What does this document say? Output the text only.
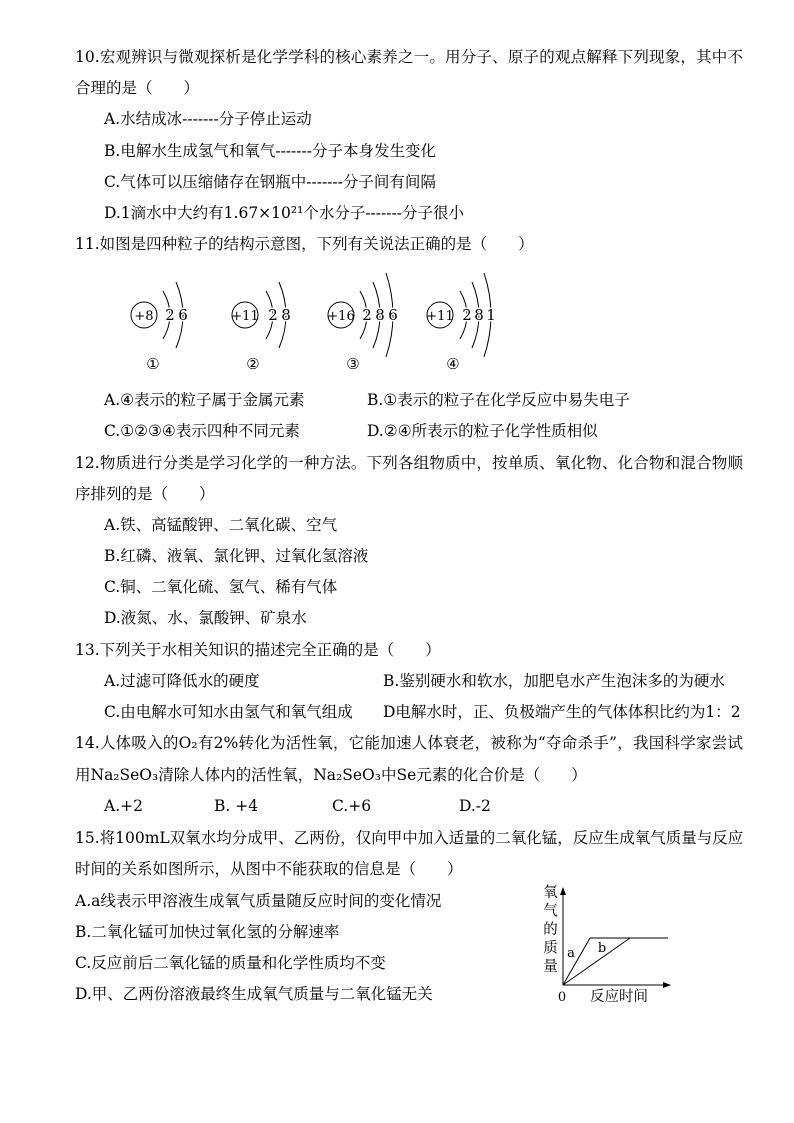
10.宏观辨识与微观探析是化学学科的核心素养之一。用分子、原子的观点解释下列现象，其中不
合理的是（　　）
A.水结成冰-------分子停止运动
B.电解水生成氢气和氧气-------分子本身发生变化
C.气体可以压缩储存在钢瓶中-------分子间有间隔
D.1滴水中大约有1.67×10²¹个水分子-------分子很小
11.如图是四种粒子的结构示意图，下列有关说法正确的是（　　）
+8 2 6
①
+11 2 8
②
+16 2 8 6
③
+11 2 8 1
④
A.④表示的粒子属于金属元素	B.①表示的粒子在化学反应中易失电子
C.①②③④表示四种不同元素	D.②④所表示的粒子化学性质相似
12.物质进行分类是学习化学的一种方法。下列各组物质中，按单质、氧化物、化合物和混合物顺
序排列的是（　　）
A.铁、高锰酸钾、二氧化碳、空气
B.红磷、液氧、氯化钾、过氧化氢溶液
C.铜、二氧化硫、氢气、稀有气体
D.液氮、水、氯酸钾、矿泉水
13.下列关于水相关知识的描述完全正确的是（　　）
A.过滤可降低水的硬度	B.鉴别硬水和软水，加肥皂水产生泡沫多的为硬水
C.由电解水可知水由氢气和氧气组成 D电解水时，正、负极端产生的气体体积比约为1：2
14.人体吸入的O₂有2%转化为活性氧，它能加速人体衰老，被称为“夺命杀手”，我国科学家尝试
用Na₂SeO₃清除人体内的活性氧，Na₂SeO₃中Se元素的化合价是（　　）
A.+2	B. +4	C.+6	D.-2
15.将100mL双氧水均分成甲、乙两份，仅向甲中加入适量的二氧化锰，反应生成氧气质量与反应
时间的关系如图所示，从图中不能获取的信息是（　　）
A.a线表示甲溶液生成氧气质量随反应时间的变化情况
B.二氧化锰可加快过氧化氢的分解速率
C.反应前后二氧化锰的质量和化学性质均不变
D.甲、乙两份溶液最终生成氧气质量与二氧化锰无关
氧气的质量 a b
0 反应时间
